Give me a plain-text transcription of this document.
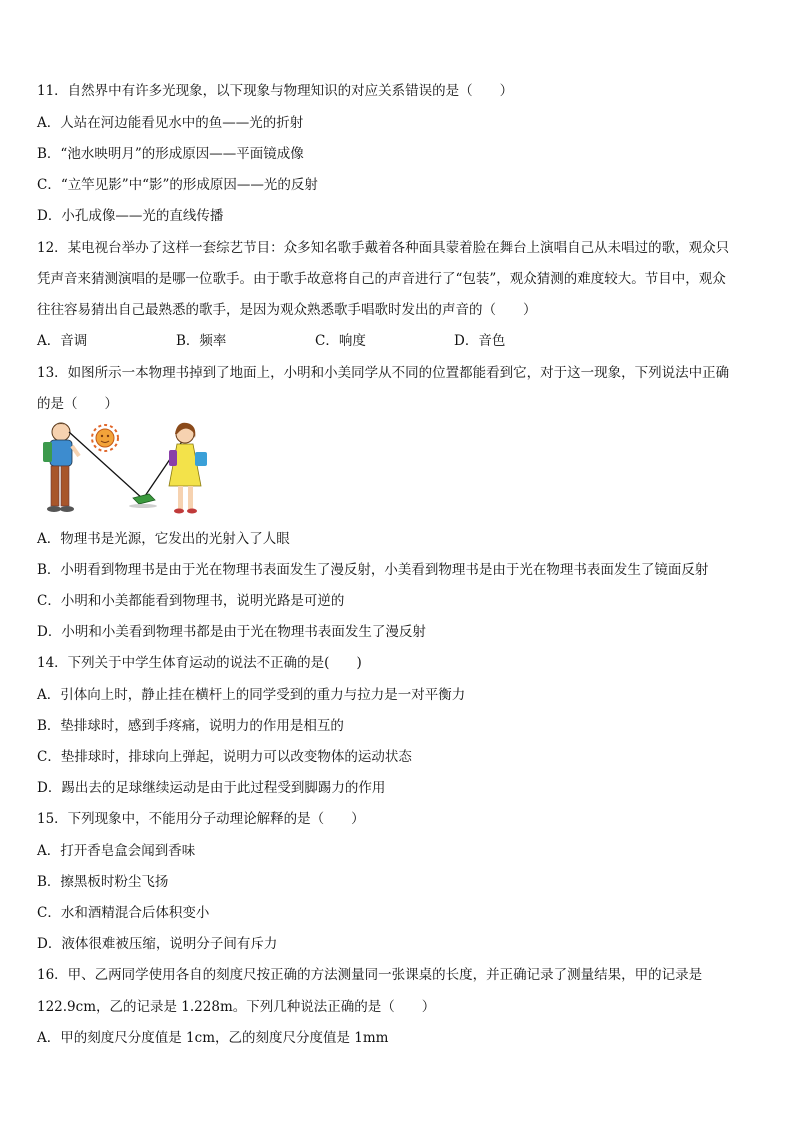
11．自然界中有许多光现象，以下现象与物理知识的对应关系错误的是（　　）
A．人站在河边能看见水中的鱼——光的折射
B．“池水映明月”的形成原因——平面镜成像
C．“立竿见影”中“影”的形成原因——光的反射
D．小孔成像——光的直线传播
12．某电视台举办了这样一套综艺节目：众多知名歌手戴着各种面具蒙着脸在舞台上演唱自己从未唱过的歌，观众只
凭声音来猜测演唱的是哪一位歌手。由于歌手故意将自己的声音进行了“包装”，观众猜测的难度较大。节目中，观众
往往容易猜出自己最熟悉的歌手，是因为观众熟悉歌手唱歌时发出的声音的（　　）
A．音调	B．频率	C．响度	D．音色
13．如图所示一本物理书掉到了地面上，小明和小美同学从不同的位置都能看到它，对于这一现象，下列说法中正确
的是（　　）
A．物理书是光源，它发出的光射入了人眼
B．小明看到物理书是由于光在物理书表面发生了漫反射，小美看到物理书是由于光在物理书表面发生了镜面反射
C．小明和小美都能看到物理书，说明光路是可逆的
D．小明和小美看到物理书都是由于光在物理书表面发生了漫反射
14．下列关于中学生体育运动的说法不正确的是(　　)
A．引体向上时，静止挂在横杆上的同学受到的重力与拉力是一对平衡力
B．垫排球时，感到手疼痛，说明力的作用是相互的
C．垫排球时，排球向上弹起，说明力可以改变物体的运动状态
D．踢出去的足球继续运动是由于此过程受到脚踢力的作用
15．下列现象中，不能用分子动理论解释的是（　　）
A．打开香皂盒会闻到香味
B．擦黑板时粉尘飞扬
C．水和酒精混合后体积变小
D．液体很难被压缩，说明分子间有斥力
16．甲、乙两同学使用各自的刻度尺按正确的方法测量同一张课桌的长度，并正确记录了测量结果，甲的记录是
122.9cm，乙的记录是 1.228m。下列几种说法正确的是（　　）
A．甲的刻度尺分度值是 1cm，乙的刻度尺分度值是 1mm
